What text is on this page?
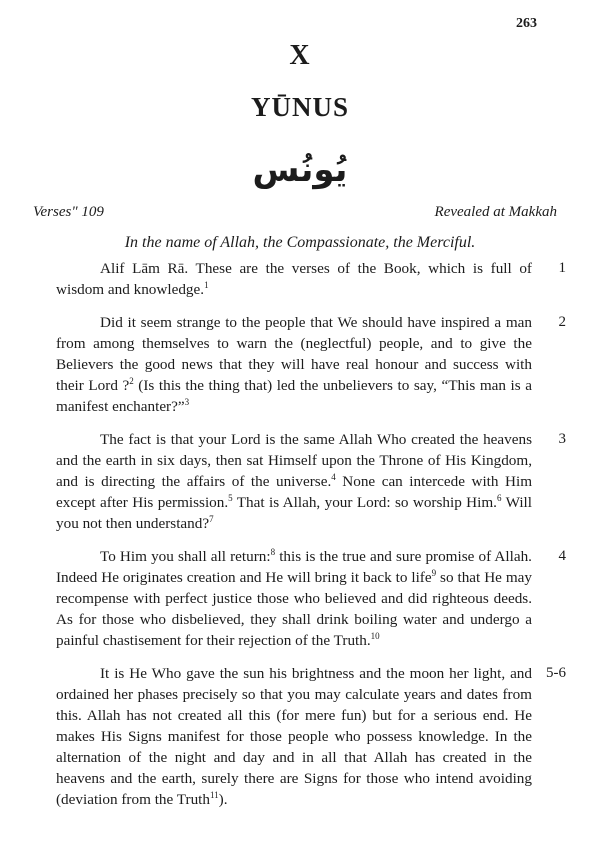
263
X
YŪNUS
يُونُس
Verses" 109	Revealed at Makkah
In the name of Allah, the Compassionate, the Merciful.
Alif Lām Rā. These are the verses of the Book, which is full of wisdom and knowledge.$^1$
1
Did it seem strange to the people that We should have inspired a man from among themselves to warn the (neglectful) people, and to give the Believers the good news that they will have real honour and success with their Lord ?$^2$ (Is this the thing that) led the unbelievers to say, “This man is a manifest enchanter?”$^3$
2
The fact is that your Lord is the same Allah Who created the heavens and the earth in six days, then sat Himself upon the Throne of His Kingdom, and is directing the affairs of the universe.$^4$ None can intercede with Him except after His permission.$^5$ That is Allah, your Lord: so worship Him.$^6$ Will you not then understand?$^7$
3
To Him you shall all return:$^8$ this is the true and sure promise of Allah. Indeed He originates creation and He will bring it back to life$^9$ so that He may recompense with perfect justice those who believed and did righteous deeds. As for those who disbelieved, they shall drink boiling water and undergo a painful chastisement for their rejection of the Truth.$^{10}$
4
It is He Who gave the sun his brightness and the moon her light, and ordained her phases precisely so that you may calculate years and dates from this. Allah has not created all this (for mere fun) but for a serious end. He makes His Signs manifest for those people who possess knowledge. In the alternation of the night and day and in all that Allah has created in the heavens and the earth, surely there are Signs for those who intend avoiding (deviation from the Truth$^{11}$).
5-6
